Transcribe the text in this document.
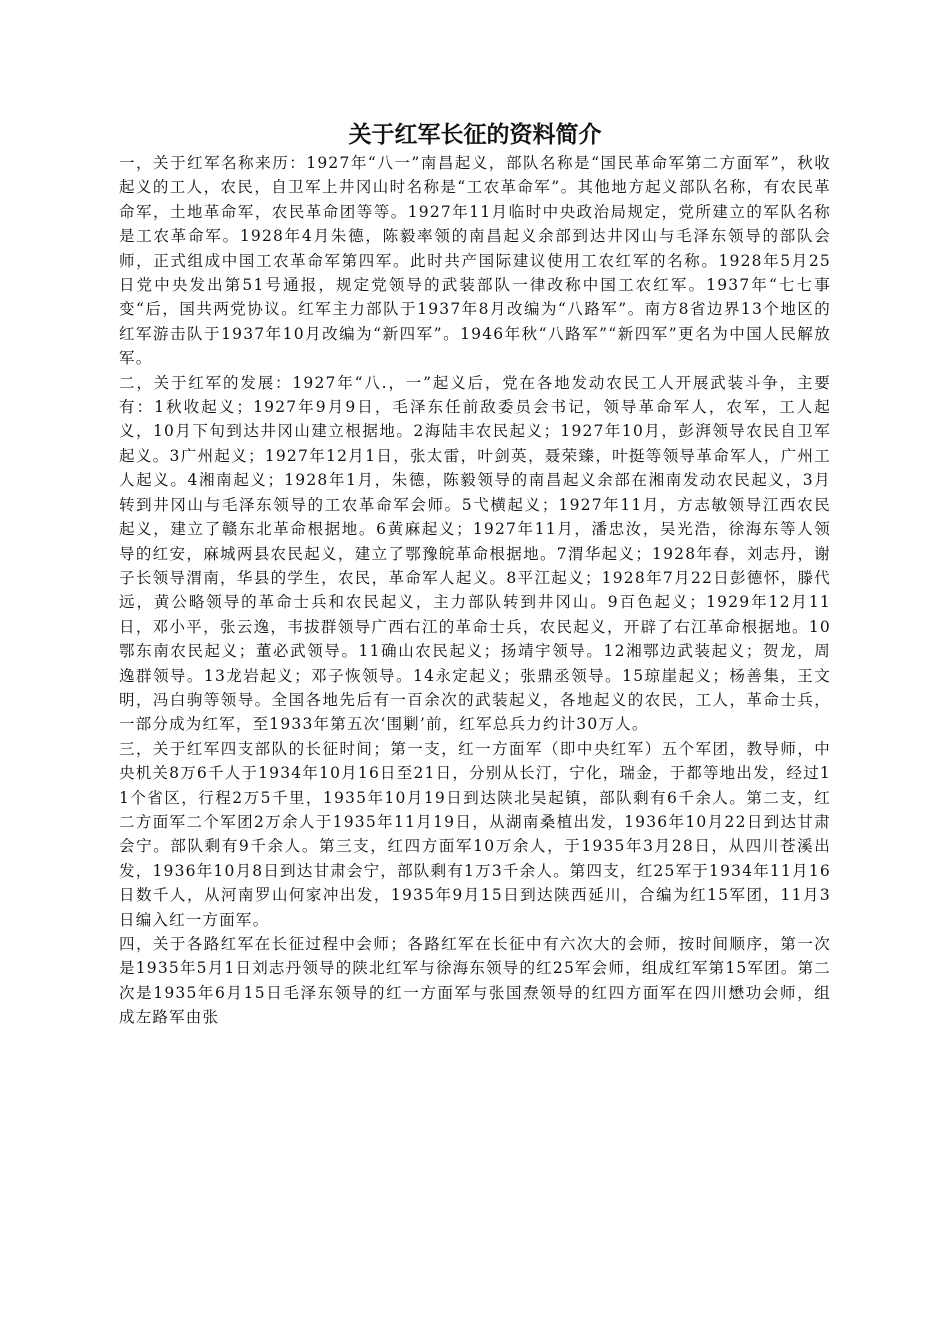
关于红军长征的资料简介

一，关于红军名称来历：1927年“八一”南昌起义，部队名称是“国民革命军第二方面军”，秋收起义的工人，农民，自卫军上井冈山时名称是“工农革命军”。其他地方起义部队名称，有农民革命军，土地革命军，农民革命团等等。1927年11月临时中央政治局规定，党所建立的军队名称是工农革命军。1928年4月朱德，陈毅率领的南昌起义余部到达井冈山与毛泽东领导的部队会师，正式组成中国工农革命军第四军。此时共产国际建议使用工农红军的名称。1928年5月25日党中央发出第51号通报，规定党领导的武装部队一律改称中国工农红军。1937年“七七事变“后，国共两党协议。红军主力部队于1937年8月改编为“八路军”。南方8省边界13个地区的红军游击队于1937年10月改编为“新四军”。1946年秋“八路军”“新四军”更名为中国人民解放军。

二，关于红军的发展：1927年“八.，一”起义后，党在各地发动农民工人开展武装斗争，主要有：1秋收起义；1927年9月9日，毛泽东任前敌委员会书记，领导革命军人，农军，工人起义，10月下旬到达井冈山建立根据地。2海陆丰农民起义；1927年10月，彭湃领导农民自卫军起义。3广州起义；1927年12月1日，张太雷，叶剑英，聂荣臻，叶挺等领导革命军人，广州工人起义。4湘南起义；1928年1月，朱德，陈毅领导的南昌起义余部在湘南发动农民起义，3月转到井冈山与毛泽东领导的工农革命军会师。5弋横起义；1927年11月，方志敏领导江西农民起义，建立了赣东北革命根据地。6黄麻起义；1927年11月，潘忠汝，吴光浩，徐海东等人领导的红安，麻城两县农民起义，建立了鄂豫皖革命根据地。7渭华起义；1928年春，刘志丹，谢子长领导渭南，华县的学生，农民，革命军人起义。8平江起义；1928年7月22日彭德怀，滕代远，黄公略领导的革命士兵和农民起义，主力部队转到井冈山。9百色起义；1929年12月11日，邓小平，张云逸，韦拔群领导广西右江的革命士兵，农民起义，开辟了右江革命根据地。10鄂东南农民起义；董必武领导。11确山农民起义；扬靖宇领导。12湘鄂边武装起义；贺龙，周逸群领导。13龙岩起义；邓子恢领导。14永定起义；张鼎丞领导。15琼崖起义；杨善集，王文明，冯白驹等领导。全国各地先后有一百余次的武装起义，各地起义的农民，工人，革命士兵，一部分成为红军，至1933年第五次‘围剿’前，红军总兵力约计30万人。

三，关于红军四支部队的长征时间；第一支，红一方面军（即中央红军）五个军团，教导师，中央机关8万6千人于1934年10月16日至21日，分别从长汀，宁化，瑞金，于都等地出发，经过11个省区，行程2万5千里，1935年10月19日到达陕北吴起镇，部队剩有6千余人。第二支，红二方面军二个军团2万余人于1935年11月19日，从湖南桑植出发，1936年10月22日到达甘肃会宁。部队剩有9千余人。第三支，红四方面军10万余人，于1935年3月28日，从四川苍溪出发，1936年10月8日到达甘肃会宁，部队剩有1万3千余人。第四支，红25军于1934年11月16日数千人，从河南罗山何家冲出发，1935年9月15日到达陕西延川，合编为红15军团，11月3日编入红一方面军。

四，关于各路红军在长征过程中会师；各路红军在长征中有六次大的会师，按时间顺序，第一次是1935年5月1日刘志丹领导的陕北红军与徐海东领导的红25军会师，组成红军第15军团。第二次是1935年6月15日毛泽东领导的红一方面军与张国焘领导的红四方面军在四川懋功会师，组成左路军由张
